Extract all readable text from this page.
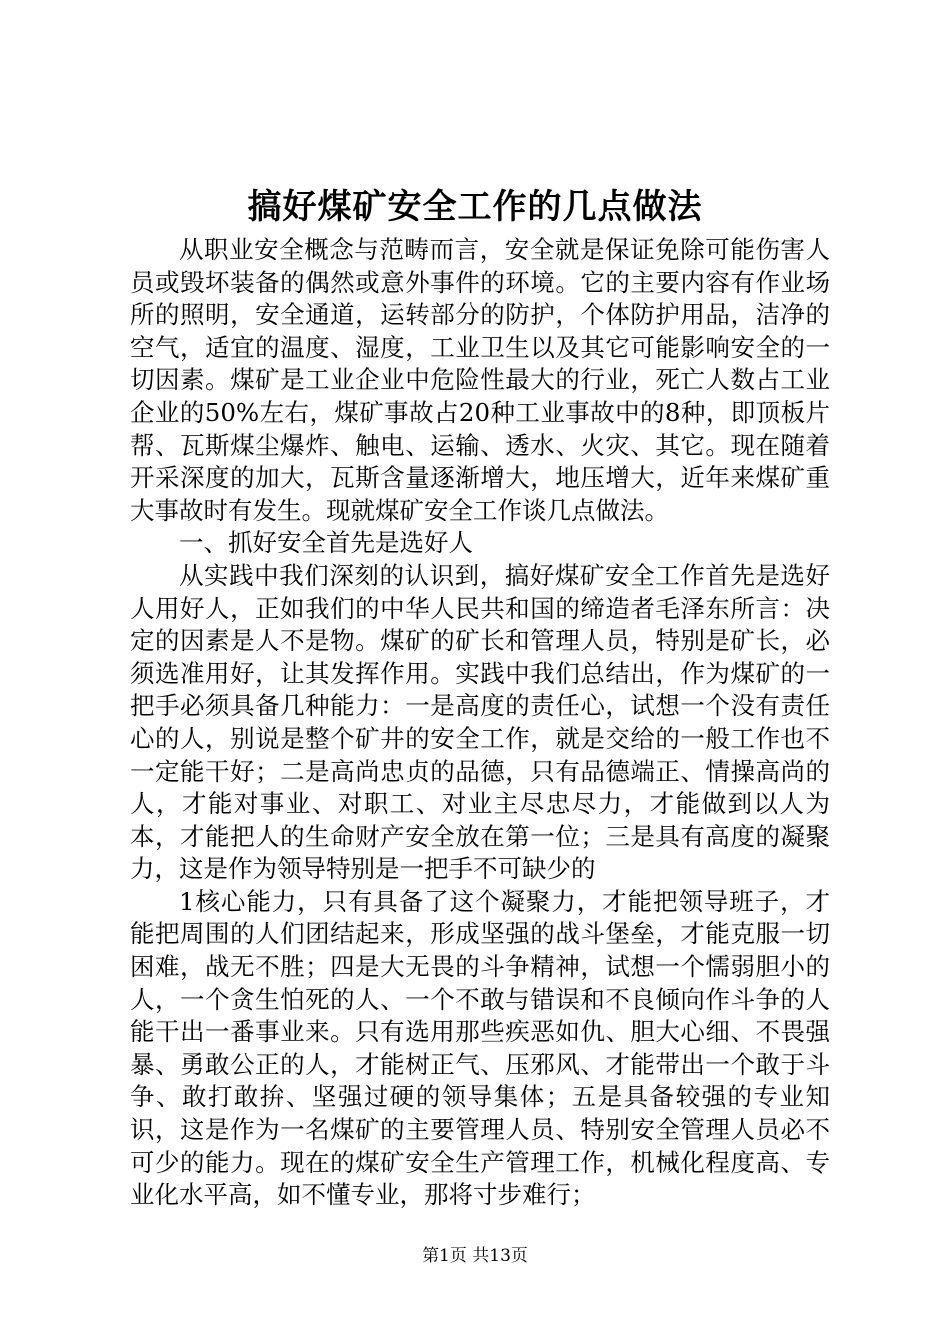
搞好煤矿安全工作的几点做法

从职业安全概念与范畴而言，安全就是保证免除可能伤害人员或毁坏装备的偶然或意外事件的环境。它的主要内容有作业场所的照明，安全通道，运转部分的防护，个体防护用品，洁净的空气，适宜的温度、湿度，工业卫生以及其它可能影响安全的一切因素。煤矿是工业企业中危险性最大的行业，死亡人数占工业企业的50%左右，煤矿事故占20种工业事故中的8种，即顶板片帮、瓦斯煤尘爆炸、触电、运输、透水、火灾、其它。现在随着开采深度的加大，瓦斯含量逐渐增大，地压增大，近年来煤矿重大事故时有发生。现就煤矿安全工作谈几点做法。

一、抓好安全首先是选好人

从实践中我们深刻的认识到，搞好煤矿安全工作首先是选好人用好人，正如我们的中华人民共和国的缔造者毛泽东所言：决定的因素是人不是物。煤矿的矿长和管理人员，特别是矿长，必须选准用好，让其发挥作用。实践中我们总结出，作为煤矿的一把手必须具备几种能力：一是高度的责任心，试想一个没有责任心的人，别说是整个矿井的安全工作，就是交给的一般工作也不一定能干好；二是高尚忠贞的品德，只有品德端正、情操高尚的人，才能对事业、对职工、对业主尽忠尽力，才能做到以人为本，才能把人的生命财产安全放在第一位；三是具有高度的凝聚力，这是作为领导特别是一把手不可缺少的

1核心能力，只有具备了这个凝聚力，才能把领导班子，才能把周围的人们团结起来，形成坚强的战斗堡垒，才能克服一切困难，战无不胜；四是大无畏的斗争精神，试想一个懦弱胆小的人，一个贪生怕死的人、一个不敢与错误和不良倾向作斗争的人能干出一番事业来。只有选用那些疾恶如仇、胆大心细、不畏强暴、勇敢公正的人，才能树正气、压邪风、才能带出一个敢于斗争、敢打敢拚、坚强过硬的领导集体；五是具备较强的专业知识，这是作为一名煤矿的主要管理人员、特别安全管理人员必不可少的能力。现在的煤矿安全生产管理工作，机械化程度高、专业化水平高，如不懂专业，那将寸步难行；

第1页 共13页
